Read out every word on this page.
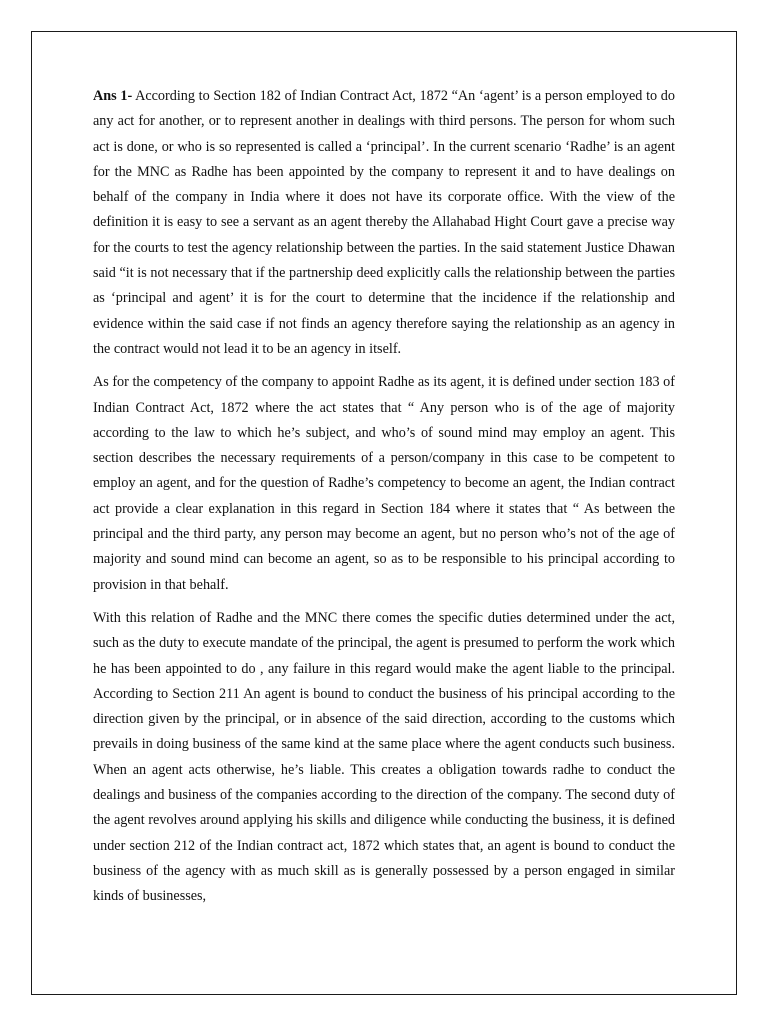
Ans 1- According to Section 182 of Indian Contract Act, 1872 “An ‘agent’ is a person employed to do any act for another, or to represent another in dealings with third persons. The person for whom such act is done, or who is so represented is called a ‘principal’. In the current scenario ‘Radhe’ is an agent for the MNC as Radhe has been appointed by the company to represent it and to have dealings on behalf of the company in India where it does not have its corporate office. With the view of the definition it is easy to see a servant as an agent thereby the Allahabad Hight Court gave a precise way for the courts to test the agency relationship between the parties. In the said statement Justice Dhawan said “it is not necessary that if the partnership deed explicitly calls the relationship between the parties as ‘principal and agent’ it is for the court to determine that the incidence if the relationship and evidence within the said case if not finds an agency therefore saying the relationship as an agency in the contract would not lead it to be an agency in itself.

As for the competency of the company to appoint Radhe as its agent, it is defined under section 183 of Indian Contract Act, 1872 where the act states that “ Any person who is of the age of majority according to the law to which he’s subject, and who’s of sound mind may employ an agent. This section describes the necessary requirements of a person/company in this case to be competent to employ an agent, and for the question of Radhe’s competency to become an agent, the Indian contract act provide a clear explanation in this regard in Section 184 where it states that “ As between the principal and the third party, any person may become an agent, but no person who’s not of the age of majority and sound mind can become an agent, so as to be responsible to his principal according to provision in that behalf.

With this relation of Radhe and the MNC there comes the specific duties determined under the act, such as the duty to execute mandate of the principal, the agent is presumed to perform the work which he has been appointed to do , any failure in this regard would make the agent liable to the principal. According to Section 211 An agent is bound to conduct the business of his principal according to the direction given by the principal, or in absence of the said direction, according to the customs which prevails in doing business of the same kind at the same place where the agent conducts such business. When an agent acts otherwise, he’s liable. This creates a obligation towards radhe to conduct the dealings and business of the companies according to the direction of the company. The second duty of the agent revolves around applying his skills and diligence while conducting the business, it is defined under section 212 of the Indian contract act, 1872 which states that, an agent is bound to conduct the business of the agency with as much skill as is generally possessed by a person engaged in similar kinds of businesses,
